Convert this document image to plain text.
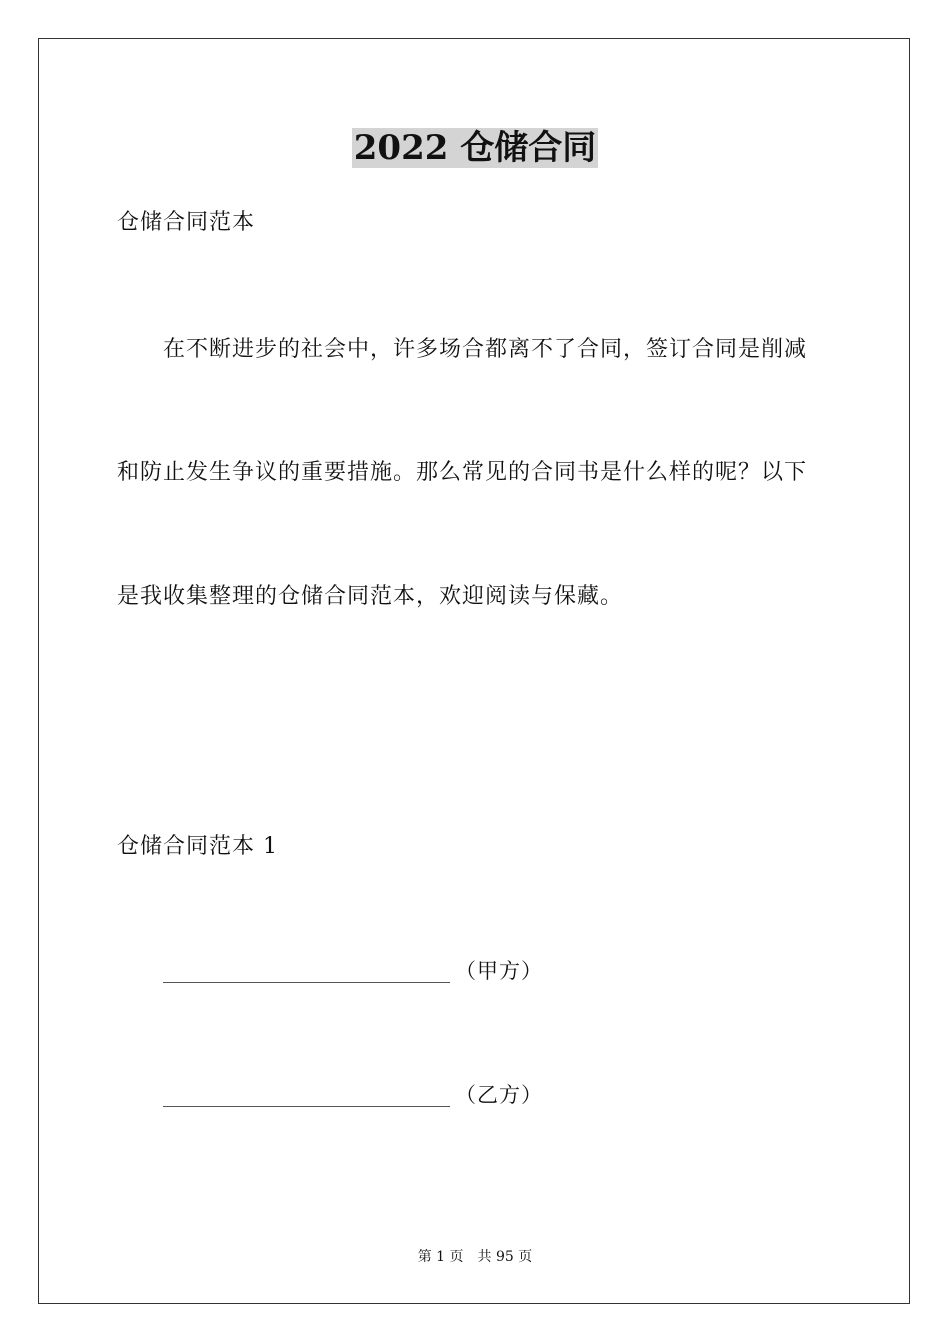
2022 仓储合同
仓储合同范本
在不断进步的社会中，许多场合都离不了合同，签订合同是削减
和防止发生争议的重要措施。那么常见的合同书是什么样的呢？以下
是我收集整理的仓储合同范本，欢迎阅读与保藏。
仓储合同范本 1
（甲方）
（乙方）
第 1 页 共 95 页
